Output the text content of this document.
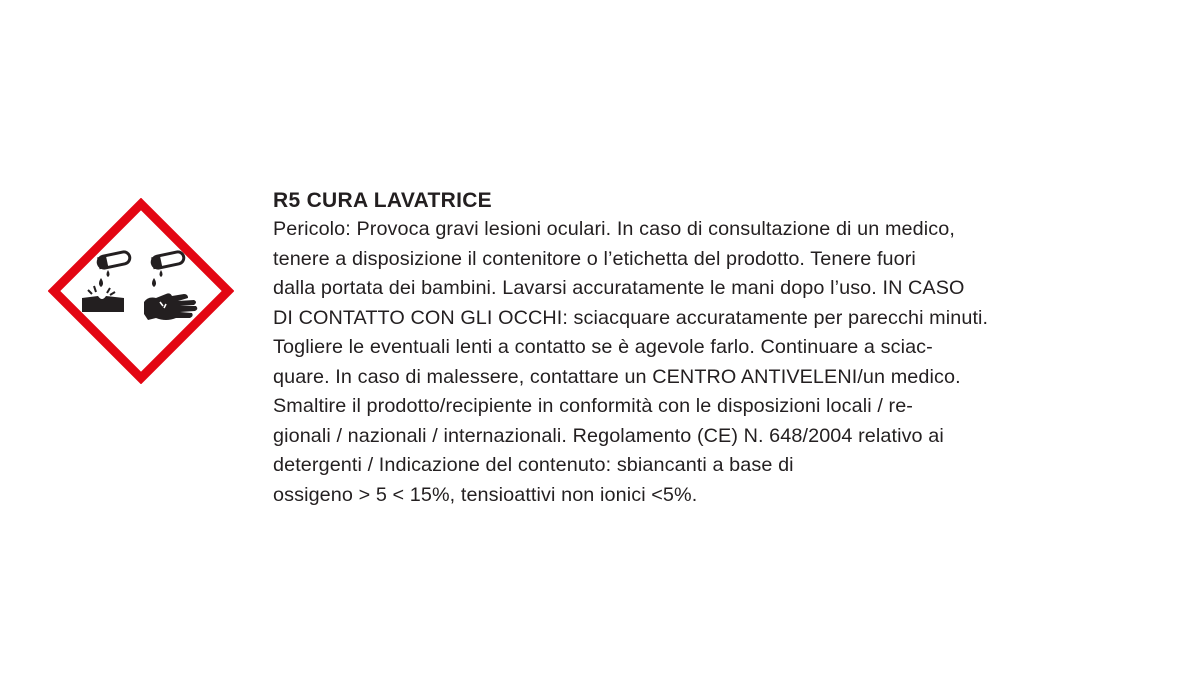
R5 CURA LAVATRICE
Pericolo: Provoca gravi lesioni oculari. In caso di consultazione di un medico,
tenere a disposizione il contenitore o l’etichetta del prodotto. Tenere fuori
dalla portata dei bambini. Lavarsi accuratamente le mani dopo l’uso. IN CASO
DI CONTATTO CON GLI OCCHI: sciacquare accuratamente per parecchi minuti.
Togliere le eventuali lenti a contatto se è agevole farlo. Continuare a sciac-
quare. In caso di malessere, contattare un CENTRO ANTIVELENI/un medico.
Smaltire il prodotto/recipiente in conformità con le disposizioni locali / re-
gionali / nazionali / internazionali. Regolamento (CE) N. 648/2004 relativo ai
detergenti / Indicazione del contenuto: sbiancanti a base di
ossigeno > 5 < 15%, tensioattivi non ionici <5%.
